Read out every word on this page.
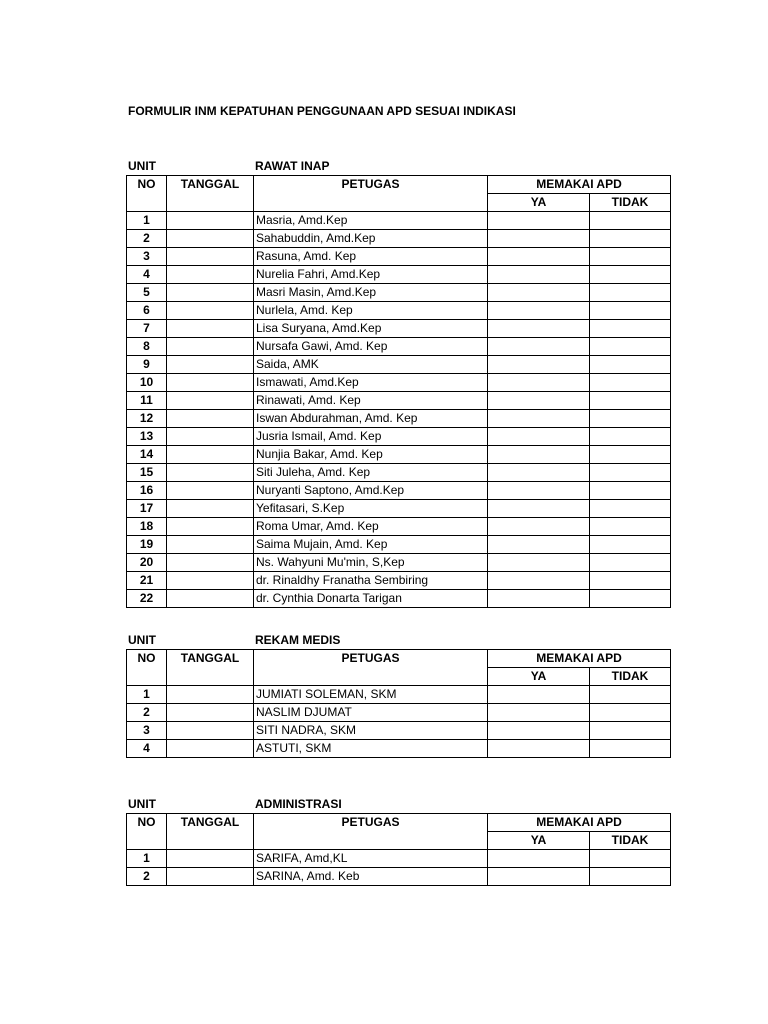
FORMULIR INM KEPATUHAN PENGGUNAAN APD SESUAI INDIKASI
UNIT	RAWAT INAP
NO	TANGGAL	PETUGAS	MEMAKAI APD	
			YA	TIDAK
1		Masria, Amd.Kep		
2		Sahabuddin, Amd.Kep		
3		Rasuna, Amd. Kep		
4		Nurelia Fahri, Amd.Kep		
5		Masri Masin, Amd.Kep		
6		Nurlela, Amd. Kep		
7		Lisa Suryana, Amd.Kep		
8		Nursafa Gawi, Amd. Kep		
9		Saida, AMK		
10		Ismawati, Amd.Kep		
11		Rinawati, Amd. Kep		
12		Iswan Abdurahman, Amd. Kep		
13		Jusria Ismail, Amd. Kep		
14		Nunjia Bakar, Amd. Kep		
15		Siti Juleha, Amd. Kep		
16		Nuryanti Saptono, Amd.Kep		
17		Yefitasari, S.Kep		
18		Roma Umar, Amd. Kep		
19		Saima Mujain, Amd. Kep		
20		Ns. Wahyuni Mu'min, S,Kep		
21		dr. Rinaldhy Franatha Sembiring		
22		dr. Cynthia Donarta Tarigan		
UNIT	REKAM MEDIS
NO	TANGGAL	PETUGAS	MEMAKAI APD	
			YA	TIDAK
1		JUMIATI SOLEMAN, SKM		
2		NASLIM DJUMAT		
3		SITI NADRA, SKM		
4		ASTUTI, SKM		
UNIT	ADMINISTRASI
NO	TANGGAL	PETUGAS	MEMAKAI APD	
			YA	TIDAK
1		SARIFA, Amd,KL		
2		SARINA, Amd. Keb		
